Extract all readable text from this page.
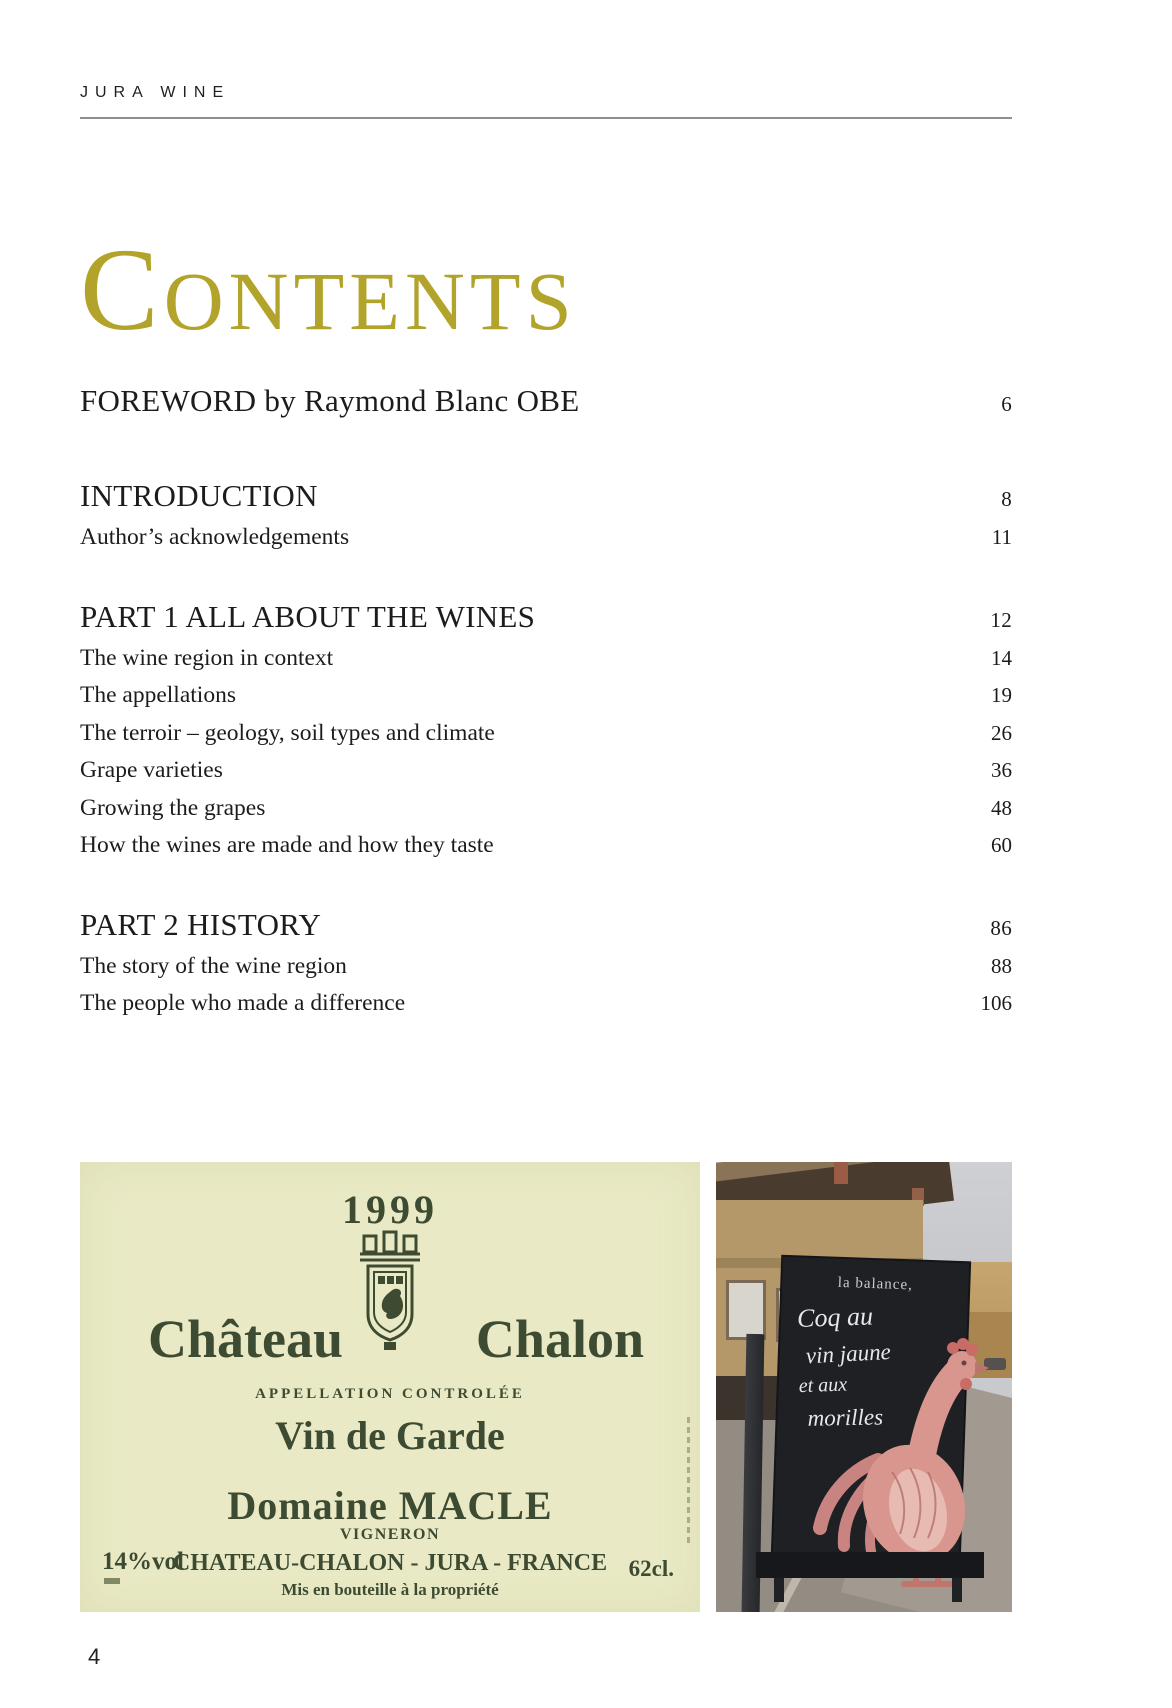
JURA WINE
Contents
FOREWORD by Raymond Blanc OBE	6
INTRODUCTION	8
Author’s acknowledgements	11
PART 1 ALL ABOUT THE WINES	12
The wine region in context	14
The appellations	19
The terroir – geology, soil types and climate	26
Grape varieties	36
Growing the grapes	48
How the wines are made and how they taste	60
PART 2 HISTORY	86
The story of the wine region	88
The people who made a difference	106
1999
Château Chalon
APPELLATION CONTROLÉE
Vin de Garde
Domaine MACLE
VIGNERON
CHATEAU-CHALON - JURA - FRANCE
Mis en bouteille à la propriété
14%vol	62cl.
la balance,
Coq au
vin jaune
et aux
morilles
4
